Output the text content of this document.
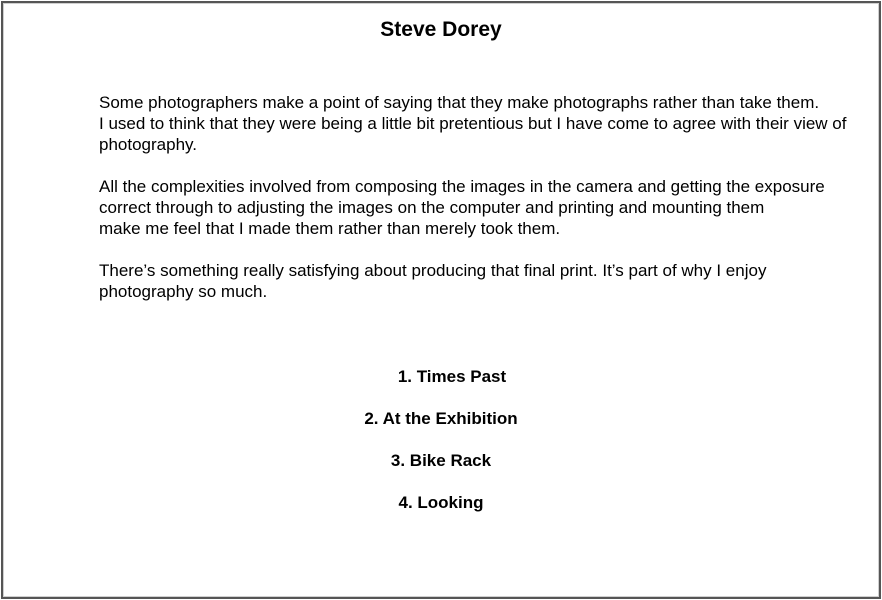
Steve Dorey

Some photographers make a point of saying that they make photographs rather than take them.
I used to think that they were being a little bit pretentious but I have come to agree with their view of photography.

All the complexities involved from composing the images in the camera and getting the exposure correct through to adjusting the images on the computer and printing and mounting them
make me feel that I made them rather than merely took them.

There’s something really satisfying about producing that final print. It’s part of why I enjoy photography so much.

1. Times Past
2. At the Exhibition
3. Bike Rack
4. Looking
